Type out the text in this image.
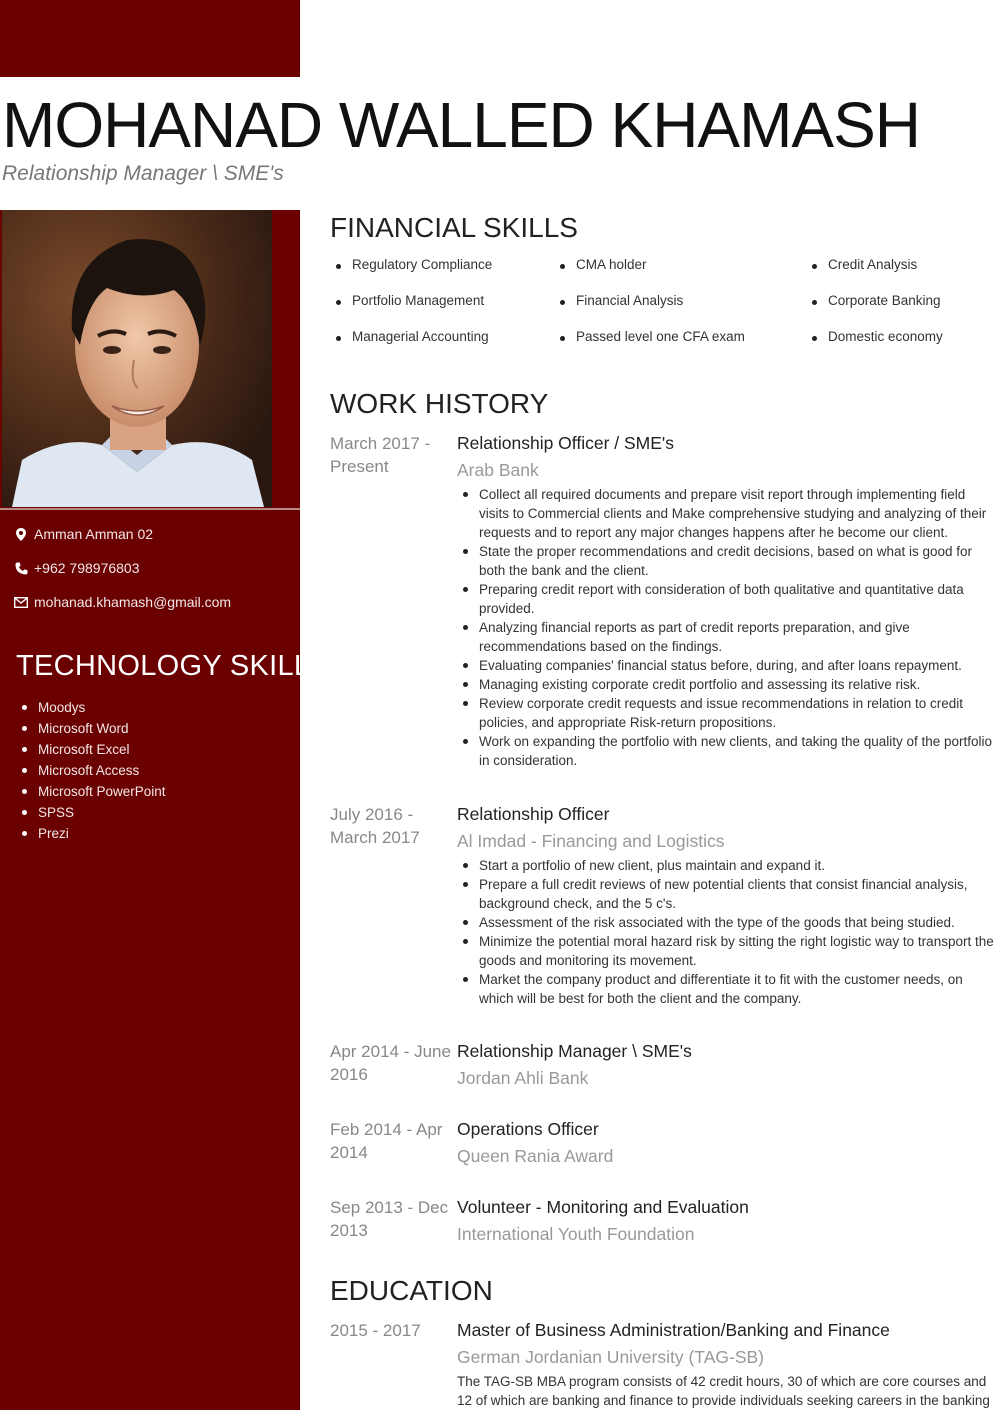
MOHANAD WALLED KHAMASH
Relationship Manager \ SME's
Amman Amman 02
+962 798976803
mohanad.khamash@gmail.com
TECHNOLOGY SKILLS
Moodys
Microsoft Word
Microsoft Excel
Microsoft Access
Microsoft PowerPoint
SPSS
Prezi
FINANCIAL SKILLS
Regulatory Compliance
Portfolio Management
Managerial Accounting
CMA holder
Financial Analysis
Passed level one CFA exam
Credit Analysis
Corporate Banking
Domestic economy
WORK HISTORY
March 2017 - Present
Relationship Officer / SME's
Arab Bank
Collect all required documents and prepare visit report through implementing field visits to Commercial clients and Make comprehensive studying and analyzing of their requests and to report any major changes happens after he become our client.
State the proper recommendations and credit decisions, based on what is good for both the bank and the client.
Preparing credit report with consideration of both qualitative and quantitative data provided.
Analyzing financial reports as part of credit reports preparation, and give recommendations based on the findings.
Evaluating companies' financial status before, during, and after loans repayment.
Managing existing corporate credit portfolio and assessing its relative risk.
Review corporate credit requests and issue recommendations in relation to credit policies, and appropriate Risk-return propositions.
Work on expanding the portfolio with new clients, and taking the quality of the portfolio in consideration.
July 2016 - March 2017
Relationship Officer
Al Imdad - Financing and Logistics
Start a portfolio of new client, plus maintain and expand it.
Prepare a full credit reviews of new potential clients that consist financial analysis, background check, and the 5 c's.
Assessment of the risk associated with the type of the goods that being studied.
Minimize the potential moral hazard risk by sitting the right logistic way to transport the goods and monitoring its movement.
Market the company product and differentiate it to fit with the customer needs, on which will be best for both the client and the company.
Apr 2014 - June 2016
Relationship Manager \ SME's
Jordan Ahli Bank
Feb 2014 - Apr 2014
Operations Officer
Queen Rania Award
Sep 2013 - Dec 2013
Volunteer - Monitoring and Evaluation
International Youth Foundation
EDUCATION
2015 - 2017	Master of Business Administration/Banking and Finance
German Jordanian University (TAG-SB)
The TAG-SB MBA program consists of 42 credit hours, 30 of which are core courses and 12 of which are banking and finance to provide individuals seeking careers in the banking
